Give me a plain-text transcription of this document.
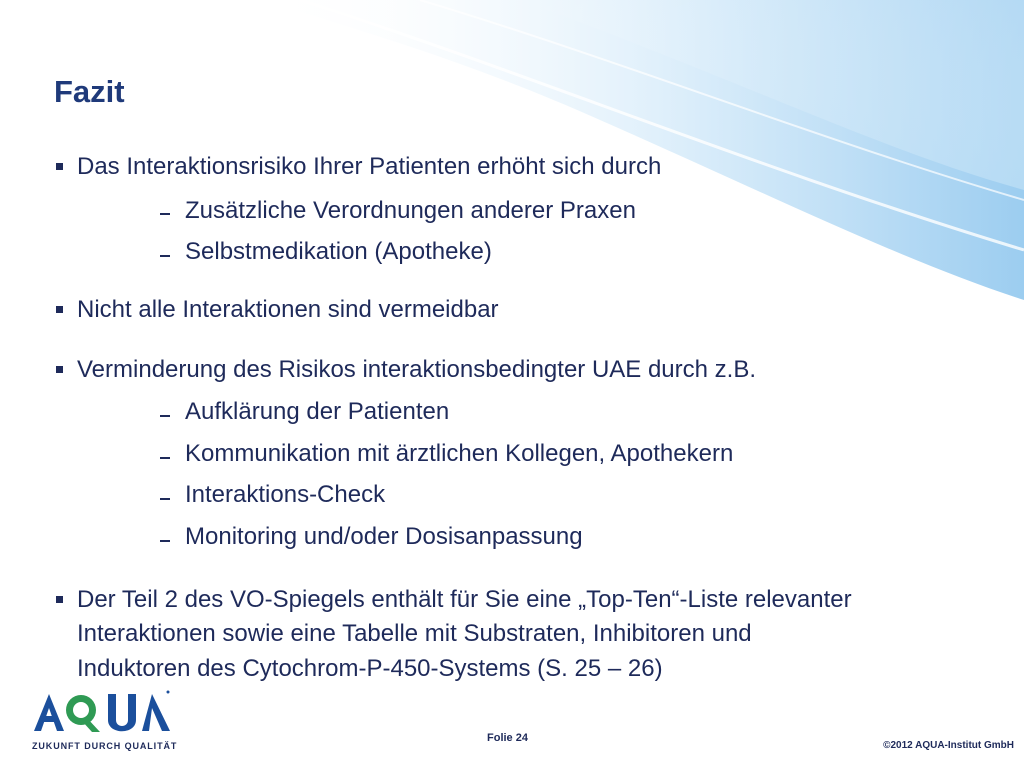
Fazit
Das Interaktionsrisiko Ihrer Patienten erhöht sich durch
Zusätzliche Verordnungen anderer Praxen
Selbstmedikation (Apotheke)
Nicht alle Interaktionen sind vermeidbar
Verminderung des Risikos interaktionsbedingter UAE durch z.B.
Aufklärung der Patienten
Kommunikation mit ärztlichen Kollegen, Apothekern
Interaktions-Check
Monitoring und/oder Dosisanpassung
Der Teil 2 des VO-Spiegels enthält für Sie eine „Top-Ten“-Liste relevanter
Interaktionen sowie eine Tabelle mit Substraten, Inhibitoren und
Induktoren des Cytochrom-P-450-Systems (S. 25 – 26)
ZUKUNFT DURCH QUALITÄT
Folie 24
©2012 AQUA-Institut GmbH
